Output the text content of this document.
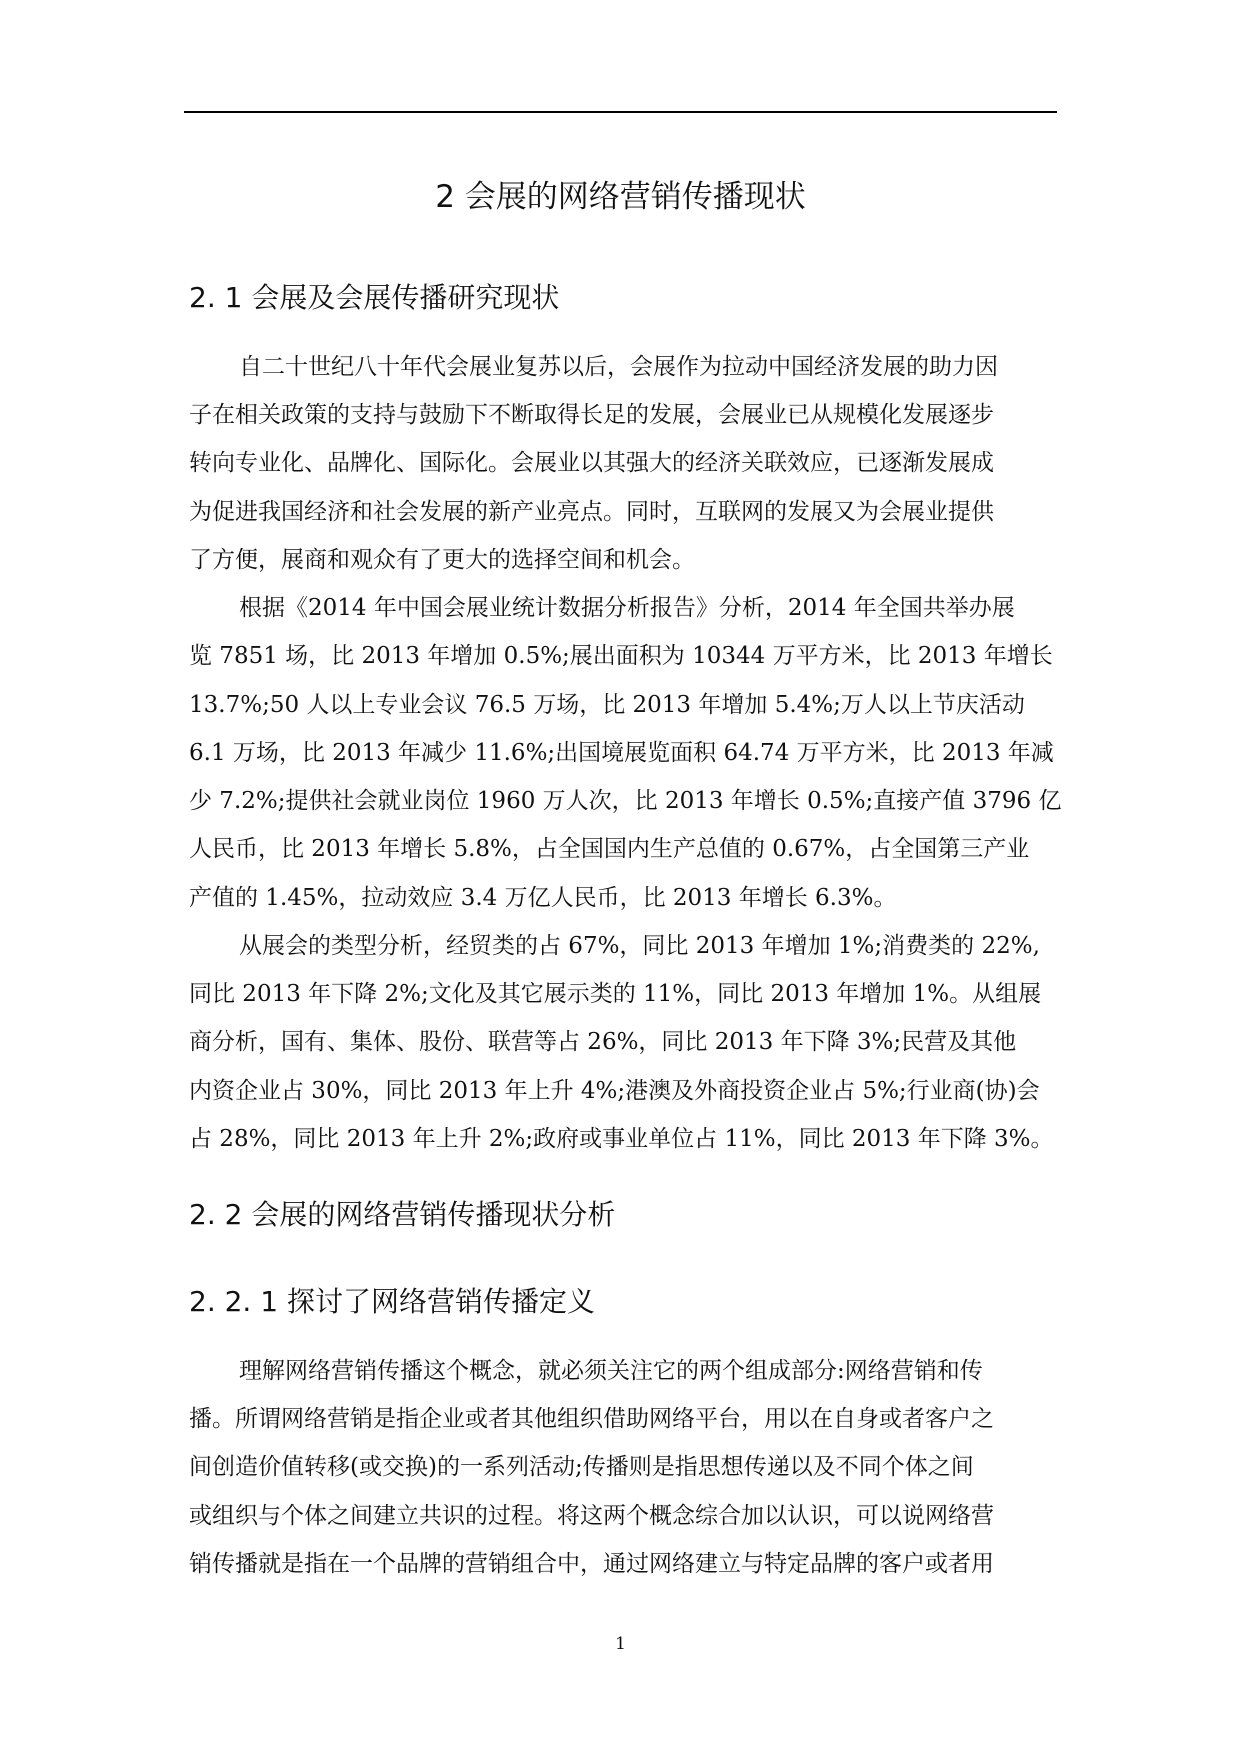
2 会展的网络营销传播现状
2. 1 会展及会展传播研究现状

自二十世纪八十年代会展业复苏以后，会展作为拉动中国经济发展的助力因

子在相关政策的支持与鼓励下不断取得长足的发展，会展业已从规模化发展逐步

转向专业化、品牌化、国际化。会展业以其强大的经济关联效应，已逐渐发展成

为促进我国经济和社会发展的新产业亮点。同时，互联网的发展又为会展业提供

了方便，展商和观众有了更大的选择空间和机会。

根据《2014 年中国会展业统计数据分析报告》分析，2014 年全国共举办展

览 7851 场，比 2013 年增加 0.5%;展出面积为 10344 万平方米，比 2013 年增长

13.7%;50 人以上专业会议 76.5 万场，比 2013 年增加 5.4%;万人以上节庆活动

6.1 万场，比 2013 年减少 11.6%;出国境展览面积 64.74 万平方米，比 2013 年减

少 7.2%;提供社会就业岗位 1960 万人次，比 2013 年增长 0.5%;直接产值 3796 亿

人民币，比 2013 年增长 5.8%，占全国国内生产总值的 0.67%，占全国第三产业

产值的 1.45%，拉动效应 3.4 万亿人民币，比 2013 年增长 6.3%。

从展会的类型分析，经贸类的占 67%，同比 2013 年增加 1%;消费类的 22%,

同比 2013 年下降 2%;文化及其它展示类的 11%，同比 2013 年增加 1%。从组展

商分析，国有、集体、股份、联营等占 26%，同比 2013 年下降 3%;民营及其他

内资企业占 30%，同比 2013 年上升 4%;港澳及外商投资企业占 5%;行业商(协)会

占 28%，同比 2013 年上升 2%;政府或事业单位占 11%，同比 2013 年下降 3%。

2. 2 会展的网络营销传播现状分析
2. 2. 1 探讨了网络营销传播定义

理解网络营销传播这个概念，就必须关注它的两个组成部分:网络营销和传

播。所谓网络营销是指企业或者其他组织借助网络平台，用以在自身或者客户之

间创造价值转移(或交换)的一系列活动;传播则是指思想传递以及不同个体之间

或组织与个体之间建立共识的过程。将这两个概念综合加以认识，可以说网络营

销传播就是指在一个品牌的营销组合中，通过网络建立与特定品牌的客户或者用

1
